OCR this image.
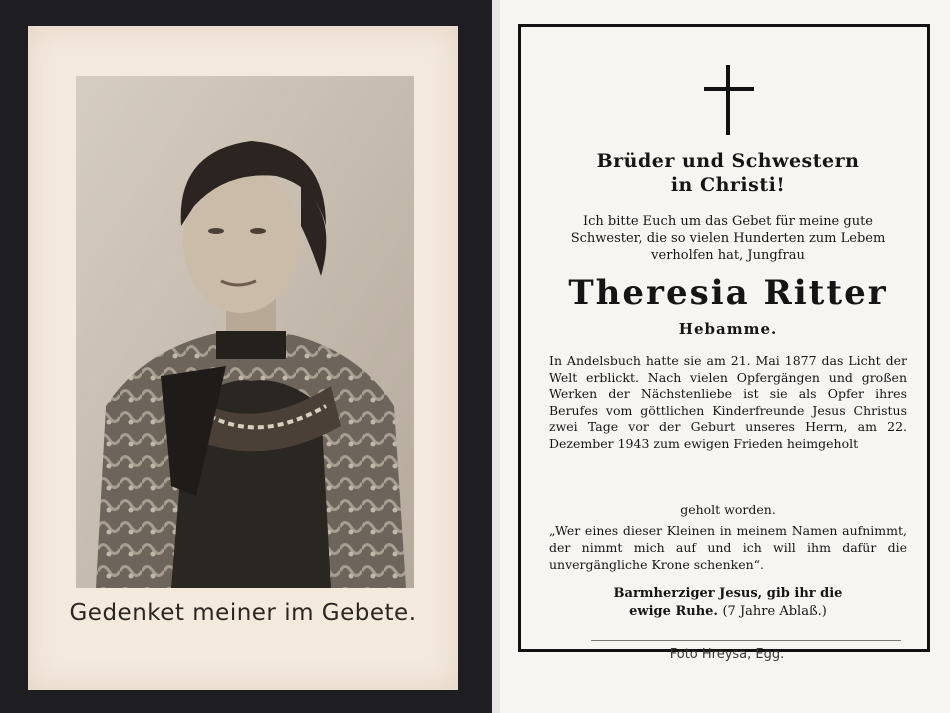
Gedenket meiner im Gebete.
Brüder und Schwestern
in Christi!
Ich bitte Euch um das Gebet für meine gute Schwester, die so vielen Hunderten zum Lebem verholfen hat, Jungfrau
Theresia Ritter
Hebamme.
In Andelsbuch hatte sie am 21. Mai 1877 das Licht der Welt erblickt. Nach vielen Opfergängen und großen Werken der Nächstenliebe ist sie als Opfer ihres Berufes vom göttlichen Kinderfreunde Jesus Christus zwei Tage vor der Geburt unseres Herrn, am 22. Dezember 1943 zum ewigen Frieden heimgeholt
geholt worden.
„Wer eines dieser Kleinen in meinem Namen aufnimmt, der nimmt mich auf und ich will ihm dafür die unvergängliche Krone schenken“.
Barmherziger Jesus, gib ihr die
ewige Ruhe. (7 Jahre Ablaß.)
Foto Hreysa, Egg.
